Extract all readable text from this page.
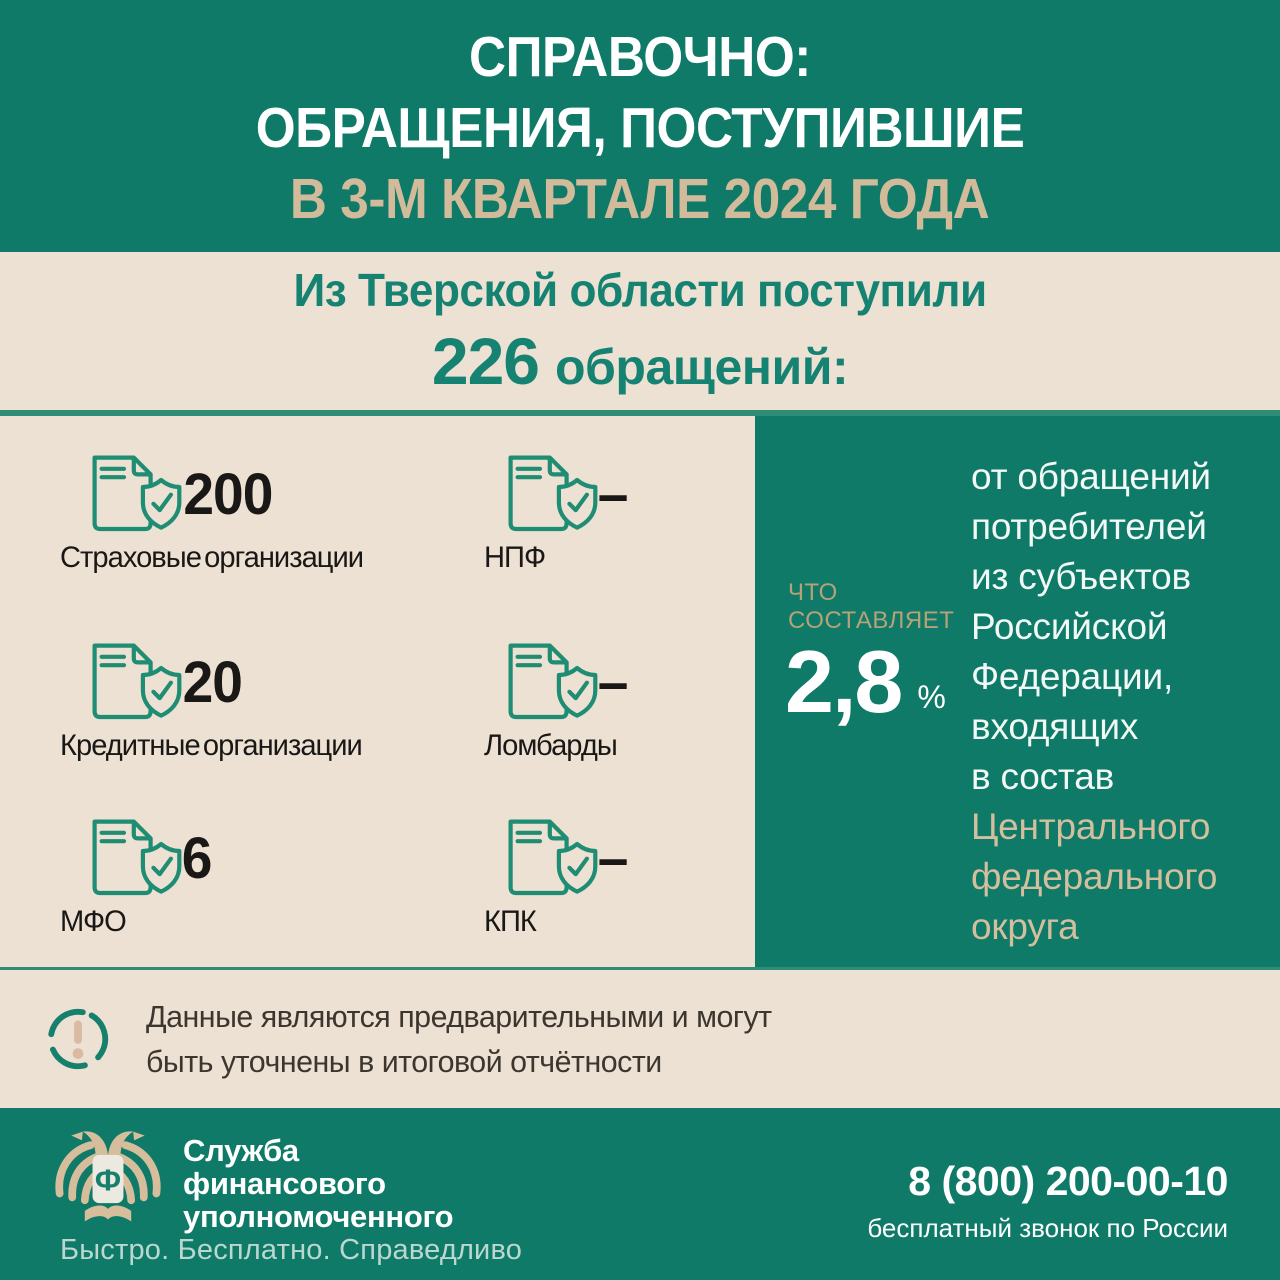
СПРАВОЧНО:
ОБРАЩЕНИЯ, ПОСТУПИВШИЕ
В 3-М КВАРТАЛЕ 2024 ГОДА
Из Тверской области поступили
226 обращений:
200
Страховые организации
–
НПФ
20
Кредитные организации
–
Ломбарды
6
МФО
–
КПК
ЧТО
СОСТАВЛЯЕТ
2,8 %
от обращений
потребителей
из субъектов
Российской
Федерации,
входящих
в состав
Центрального
федерального
округа
Данные являются предварительными и могут
быть уточнены в итоговой отчётности
Ф
Служба
финансового
уполномоченного
Быстро. Бесплатно. Справедливо
8 (800) 200-00-10
бесплатный звонок по России
